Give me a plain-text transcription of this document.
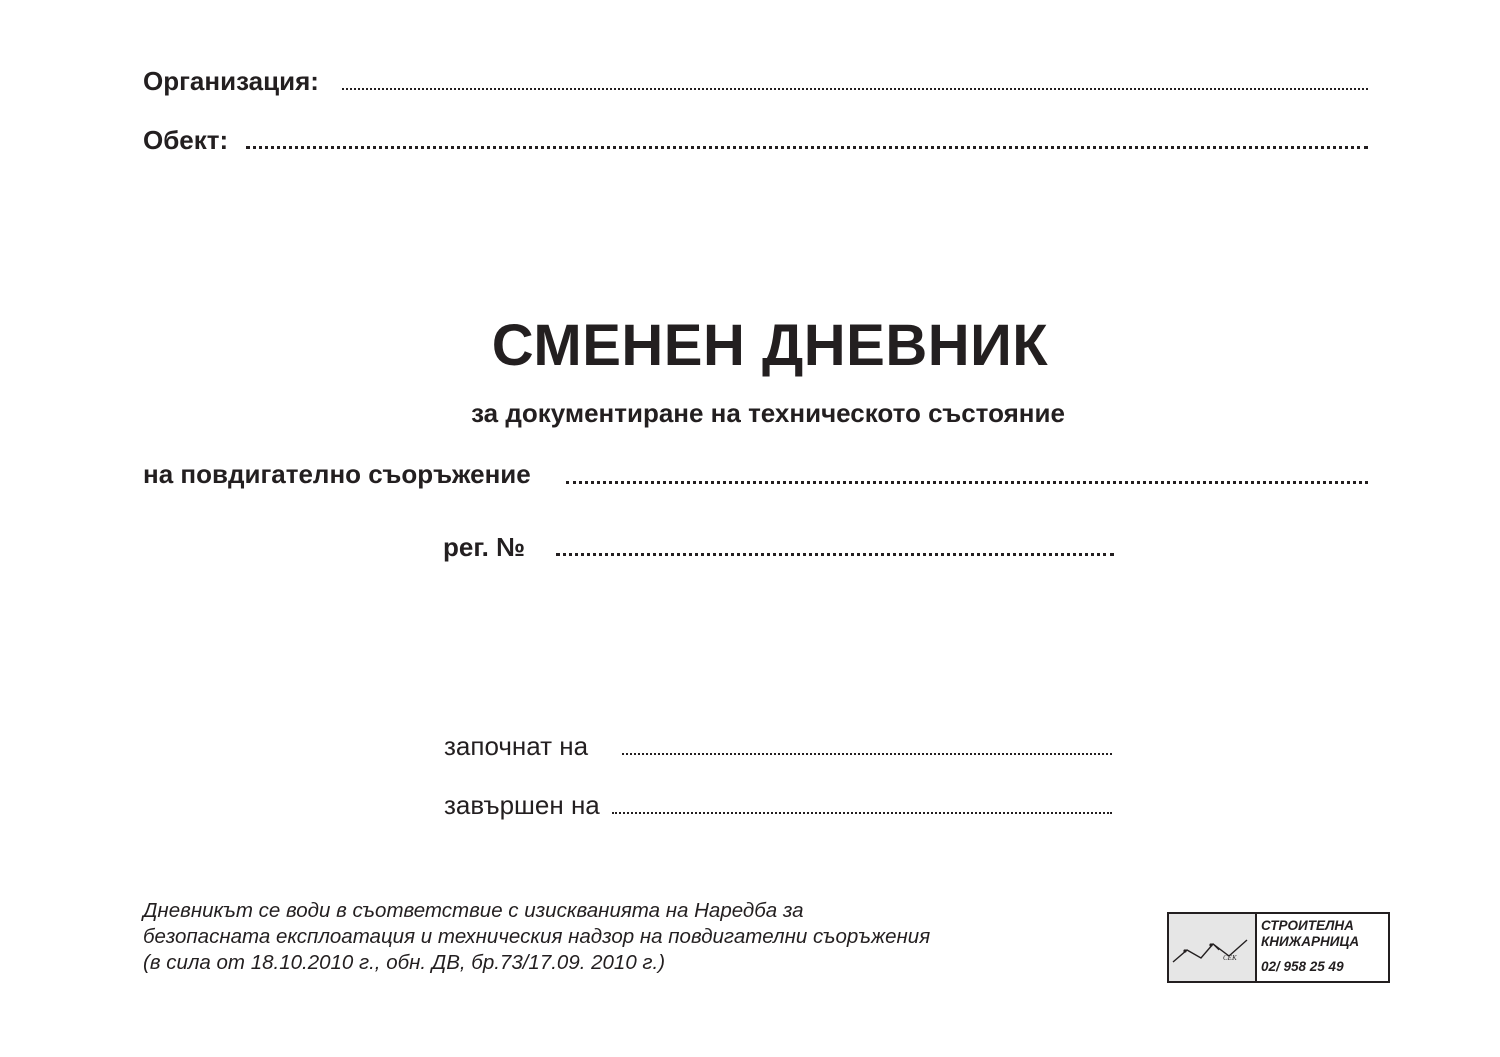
Организация:
Обект:
СМЕНЕН ДНЕВНИК
за документиране на техническото състояние
на повдигателно съоръжение
рег. №
започнат на
завършен на
Дневникът се води в съответствие с изискванията на Наредба за
безопасната експлоатация и техническия надзор на повдигателни съоръжения
(в сила от 18.10.2010 г., обн. ДВ, бр.73/17.09. 2010 г.)	СЕК
СТРОИТЕЛНА
КНИЖАРНИЦА
02/ 958 25 49
